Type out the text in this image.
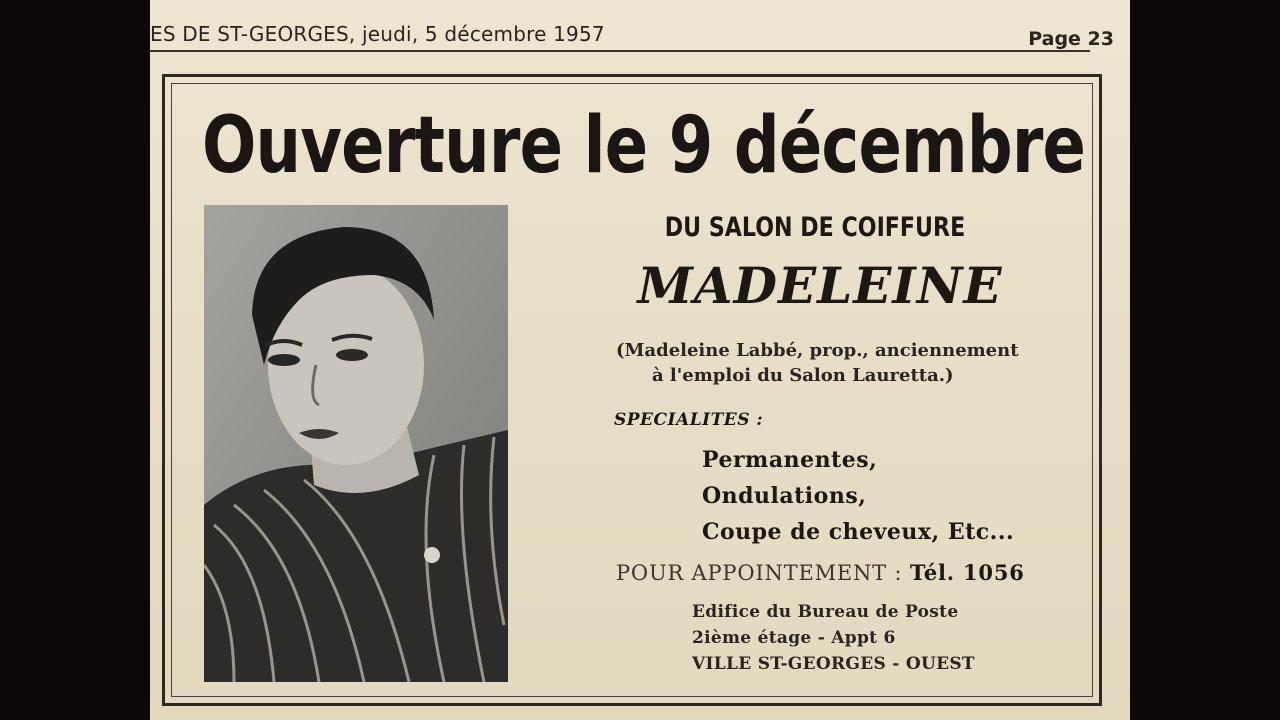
ES DE ST-GEORGES, jeudi, 5 décembre 1957	Page 23
Ouverture le 9 décembre
DU SALON DE COIFFURE
MADELEINE
(Madeleine Labbé, prop., anciennement
à l'emploi du Salon Lauretta.)
SPECIALITES :
Permanentes,
Ondulations,
Coupe de cheveux, Etc...
POUR APPOINTEMENT : Tél. 1056
Edifice du Bureau de Poste
2ième étage - Appt 6
VILLE ST-GEORGES - OUEST
